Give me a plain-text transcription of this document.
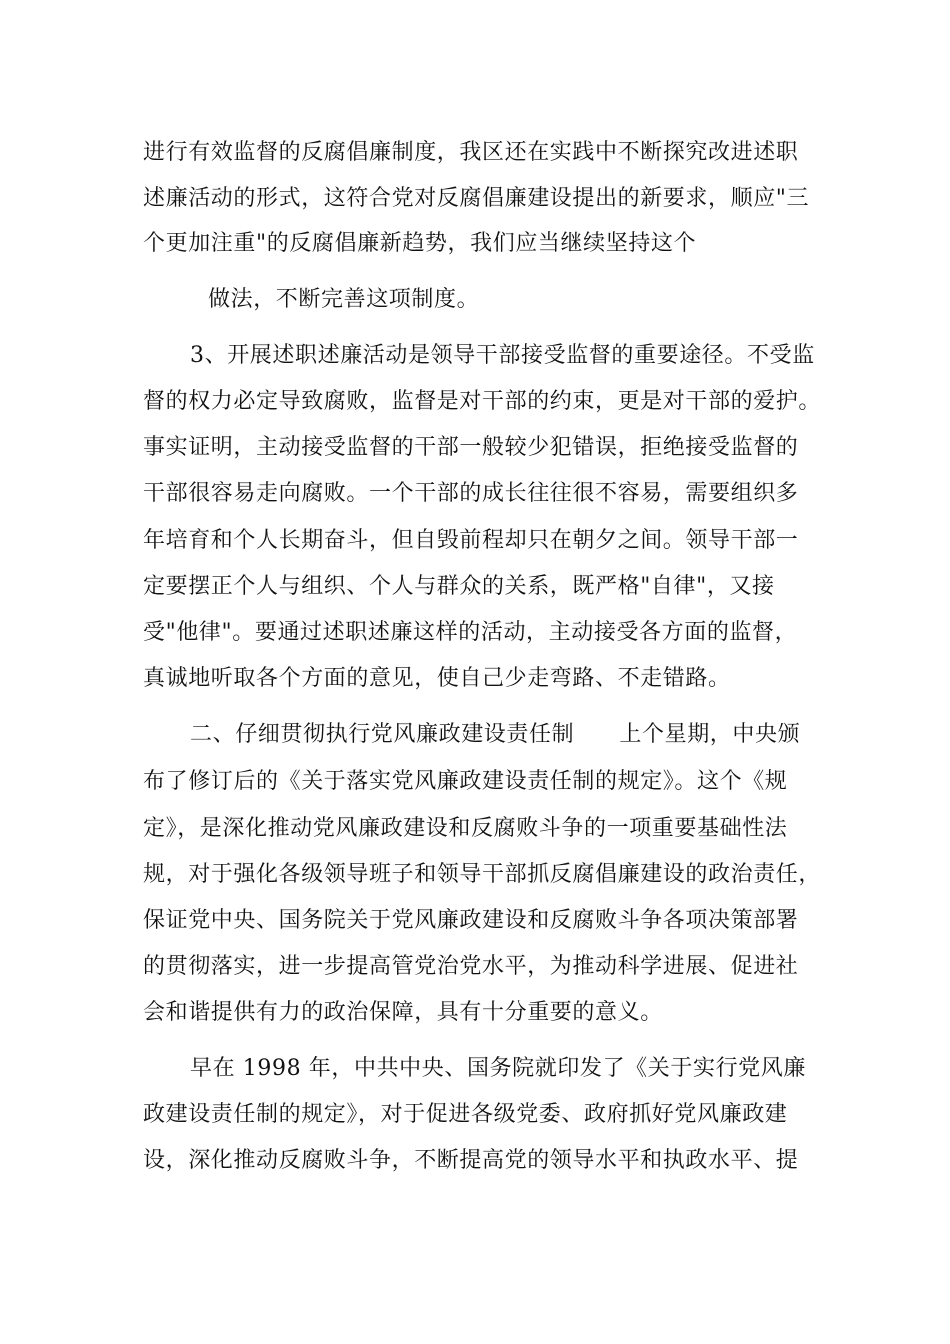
进行有效监督的反腐倡廉制度，我区还在实践中不断探究改进述职
述廉活动的形式，这符合党对反腐倡廉建设提出的新要求，顺应"三
个更加注重"的反腐倡廉新趋势，我们应当继续坚持这个
做法，不断完善这项制度。
3、开展述职述廉活动是领导干部接受监督的重要途径。不受监
督的权力必定导致腐败，监督是对干部的约束，更是对干部的爱护。
事实证明，主动接受监督的干部一般较少犯错误，拒绝接受监督的
干部很容易走向腐败。一个干部的成长往往很不容易，需要组织多
年培育和个人长期奋斗，但自毁前程却只在朝夕之间。领导干部一
定要摆正个人与组织、个人与群众的关系，既严格"自律"，又接
受"他律"。要通过述职述廉这样的活动，主动接受各方面的监督，
真诚地听取各个方面的意见，使自己少走弯路、不走错路。
二、仔细贯彻执行党风廉政建设责任制　　上个星期，中央颁
布了修订后的《关于落实党风廉政建设责任制的规定》。这个《规
定》，是深化推动党风廉政建设和反腐败斗争的一项重要基础性法
规，对于强化各级领导班子和领导干部抓反腐倡廉建设的政治责任，
保证党中央、国务院关于党风廉政建设和反腐败斗争各项决策部署
的贯彻落实，进一步提高管党治党水平，为推动科学进展、促进社
会和谐提供有力的政治保障，具有十分重要的意义。
早在 1998 年，中共中央、国务院就印发了《关于实行党风廉
政建设责任制的规定》，对于促进各级党委、政府抓好党风廉政建
设，深化推动反腐败斗争，不断提高党的领导水平和执政水平、提
